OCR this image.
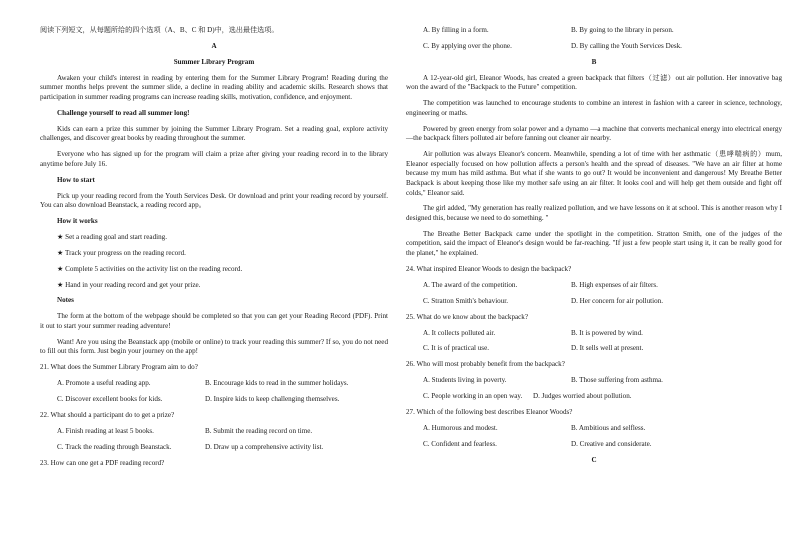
阅读下列短文，从每题所给的四个选项（A、B、C 和 D)中，选出最佳选项。

A

Summer Library Program

Awaken your child's interest in reading by entering them for the Summer Library Program! Reading during the summer months helps prevent the summer slide, a decline in reading ability and academic skills. Research shows that participation in summer reading programs can increase reading skills, motivation, confidence, and enjoyment.

Challenge yourself to read all summer long!

Kids can earn a prize this summer by joining the Summer Library Program. Set a reading goal, explore activity challenges, and discover great books by reading throughout the summer.

Everyone who has signed up for the program will claim a prize after giving your reading record in to the library anytime before July 16.

How to start

Pick up your reading record from the Youth Services Desk. Or download and print your reading record by yourself. You can also download Beanstack, a reading record app。

How it works

★ Set a reading goal and start reading.

★ Track your progress on the reading record.

★ Complete 5 activities on the activity list on the reading record.

★ Hand in your reading record and get your prize.

Notes

The form at the bottom of the webpage should be completed so that you can get your Reading Record (PDF). Print it out to start your summer reading adventure!

Want! Are you using the Beanstack app (mobile or online) to track your reading this summer? If so, you do not need to fill out this form. Just begin your journey on the app!

21. What does the Summer Library Program aim to do?

A. Promote a useful reading app.	B. Encourage kids to read in the summer holidays.
C. Discover excellent books for kids.	D. Inspire kids to keep challenging themselves.

22. What should a participant do to get a prize?

A. Finish reading at least 5 books.	B. Submit the reading record on time.
C. Track the reading through Beanstack.	D. Draw up a comprehensive activity list.

23. How can one get a PDF reading record?

A. By filling in a form.	B. By going to the library in person.
C. By applying over the phone.	D. By calling the Youth Services Desk.

B

A 12-year-old girl, Eleanor Woods, has created a green backpack that filters（过滤）out air pollution. Her innovative bag won the award of the "Backpack to the Future" competition.

The competition was launched to encourage students to combine an interest in fashion with a career in science, technology, engineering or maths.

Powered by green energy from solar power and a dynamo —a machine that converts mechanical energy into electrical energy—the backpack filters polluted air before fanning out cleaner air nearby.

Air pollution was always Eleanor's concern. Meanwhile, spending a lot of time with her asthmatic（患哮喘病的）mum, Eleanor especially focused on how pollution affects a person's health and the spread of diseases. "We have an air filter at home because my mum has mild asthma. But what if she wants to go out? It would be inconvenient and dangerous! My Breathe Better Backpack is about keeping those like my mother safe using an air filter. It looks cool and will help get them outside and fight off colds," Eleanor said.

The girl added, "My generation has really realized pollution, and we have lessons on it at school. This is another reason why I designed this, because we need to do something. "

The Breathe Better Backpack came under the spotlight in the competition. Stratton Smith, one of the judges of the competition, said the impact of Eleanor's design would be far-reaching. "If just a few people start using it, it can be really good for the planet," he explained.

24. What inspired Eleanor Woods to design the backpack?

A. The award of the competition.	B. High expenses of air filters.
C. Stratton Smith's behaviour.	D. Her concern for air pollution.

25. What do we know about the backpack?

A. It collects polluted air.	B. It is powered by wind.
C. It is of practical use.	D. It sells well at present.

26. Who will most probably benefit from the backpack?

A. Students living in poverty.	B. Those suffering from asthma.
C. People working in an open way.	D. Judges worried about pollution.

27. Which of the following best describes Eleanor Woods?

A. Humorous and modest.	B. Ambitious and selfless.
C. Confident and fearless.	D. Creative and considerate.

C
